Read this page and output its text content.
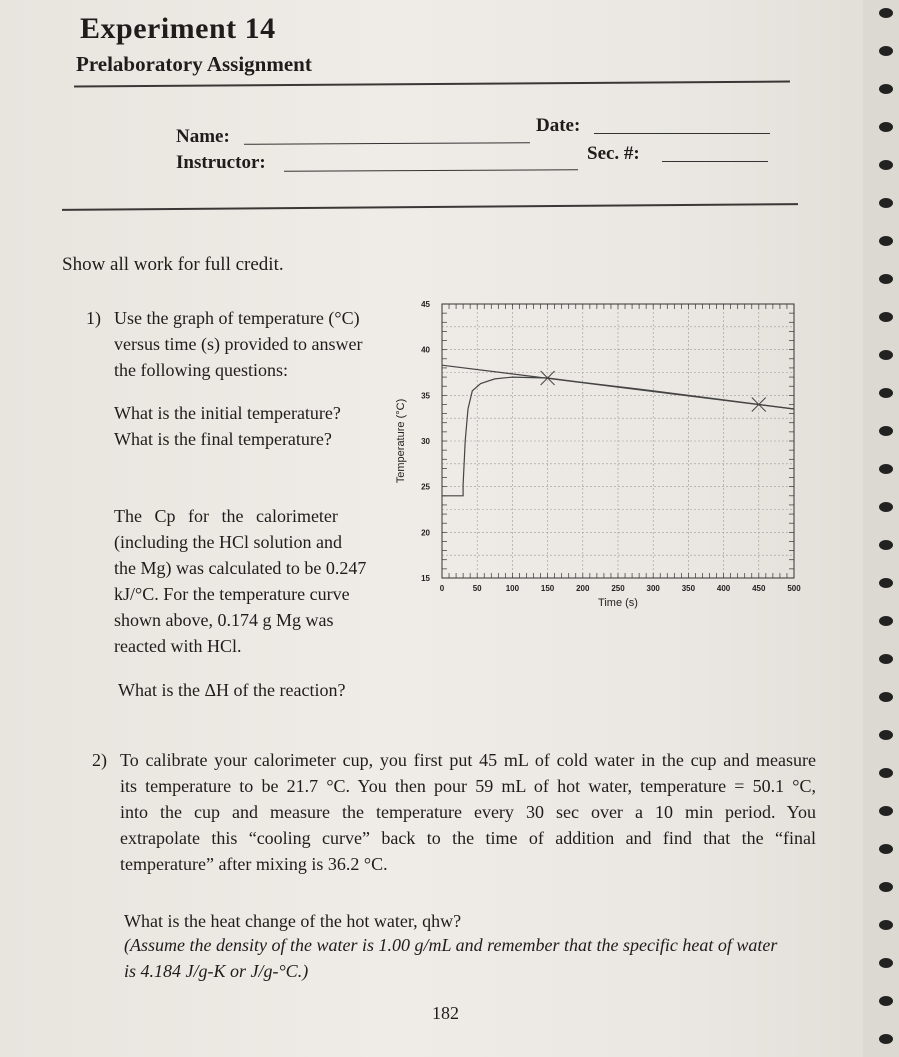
Experiment 14
Prelaboratory Assignment
Name:
Date:
Instructor:	Sec. #:
Show all work for full credit.
1) Use the graph of temperature (°C)
versus time (s) provided to answer
the following questions:
What is the initial temperature?
What is the final temperature?
The Cp for the calorimeter
(including the HCl solution and
the Mg) was calculated to be 0.247
kJ/°C. For the temperature curve
shown above, 0.174 g Mg was
reacted with HCl.
What is the ΔH of the reaction?
0	50	100	150	200	250	300	350	400	450	500
15
20
25
30
35
40
45
Time (s)
Temperature (°C)
2) To calibrate your calorimeter cup, you first put 45 mL of cold water in the cup and measure
its temperature to be 21.7 °C. You then pour 59 mL of hot water, temperature = 50.1 °C,
into the cup and measure the temperature every 30 sec over a 10 min period. You
extrapolate this “cooling curve” back to the time of addition and find that the “final
temperature” after mixing is 36.2 °C.
What is the heat change of the hot water, qhw?
(Assume the density of the water is 1.00 g/mL and remember that the specific heat of water
is 4.184 J/g-K or J/g-°C.)
182
